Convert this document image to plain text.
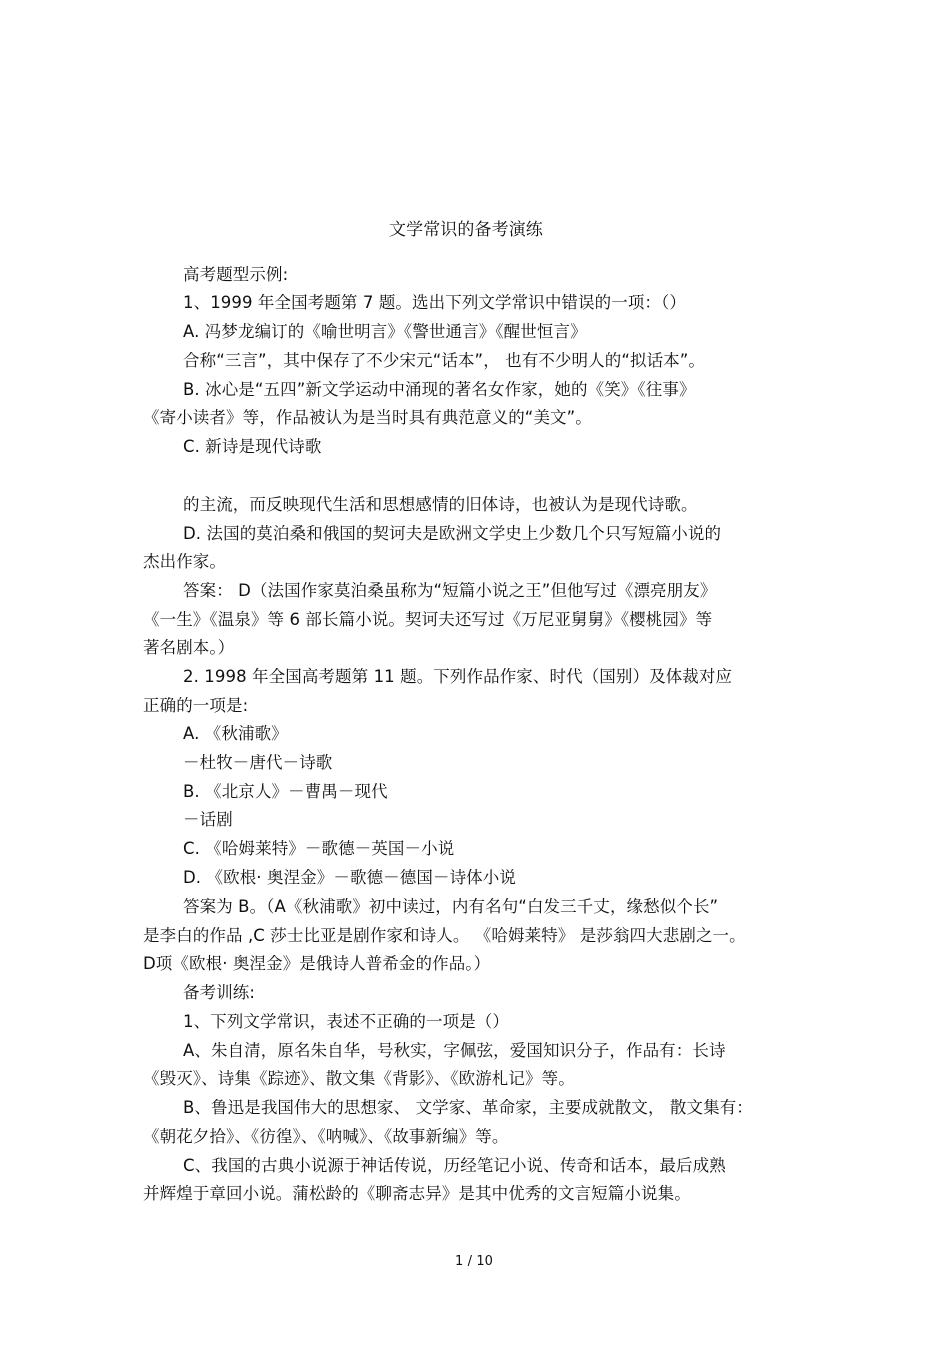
文学常识的备考演练
高考题型示例:
1、1999 年全国考题第 7 题。选出下列文学常识中错误的一项：（）
A. 冯梦龙编订的《喻世明言》《警世通言》《醒世恒言》
合称“三言”，其中保存了不少宋元“话本”， 也有不少明人的“拟话本”。
B. 冰心是“五四”新文学运动中涌现的著名女作家，她的《笑》《往事》
《寄小读者》等，作品被认为是当时具有典范意义的“美文”。
C. 新诗是现代诗歌
的主流，而反映现代生活和思想感情的旧体诗，也被认为是现代诗歌。
D. 法国的莫泊桑和俄国的契诃夫是欧洲文学史上少数几个只写短篇小说的
杰出作家。
答案： D（法国作家莫泊桑虽称为“短篇小说之王”但他写过《漂亮朋友》
《一生》《温泉》等 6 部长篇小说。契诃夫还写过《万尼亚舅舅》《樱桃园》等
著名剧本。）
2. 1998 年全国高考题第 11 题。下列作品作家、时代（国别）及体裁对应
正确的一项是:
A. 《秋浦歌》
－杜牧－唐代－诗歌
B. 《北京人》－曹禺－现代
－话剧
C. 《哈姆莱特》－歌德－英国－小说
D. 《欧根· 奥涅金》－歌德－德国－诗体小说
答案为 B。（A《秋浦歌》初中读过，内有名句“白发三千丈，缘愁似个长”
是李白的作品 ,C 莎士比亚是剧作家和诗人。 《哈姆莱特》 是莎翁四大悲剧之一。
D项《欧根· 奥涅金》是俄诗人普希金的作品。）
备考训练:
1、下列文学常识，表述不正确的一项是（）
A、朱自清，原名朱自华，号秋实，字佩弦，爱国知识分子，作品有：长诗
《毁灭》、诗集《踪迹》、散文集《背影》、《欧游札记》等。
B、鲁迅是我国伟大的思想家、 文学家、革命家，主要成就散文， 散文集有：
《朝花夕拾》、《彷徨》、《呐喊》、《故事新编》等。
C、我国的古典小说源于神话传说，历经笔记小说、传奇和话本，最后成熟
并辉煌于章回小说。蒲松龄的《聊斋志异》是其中优秀的文言短篇小说集。
1 / 10
